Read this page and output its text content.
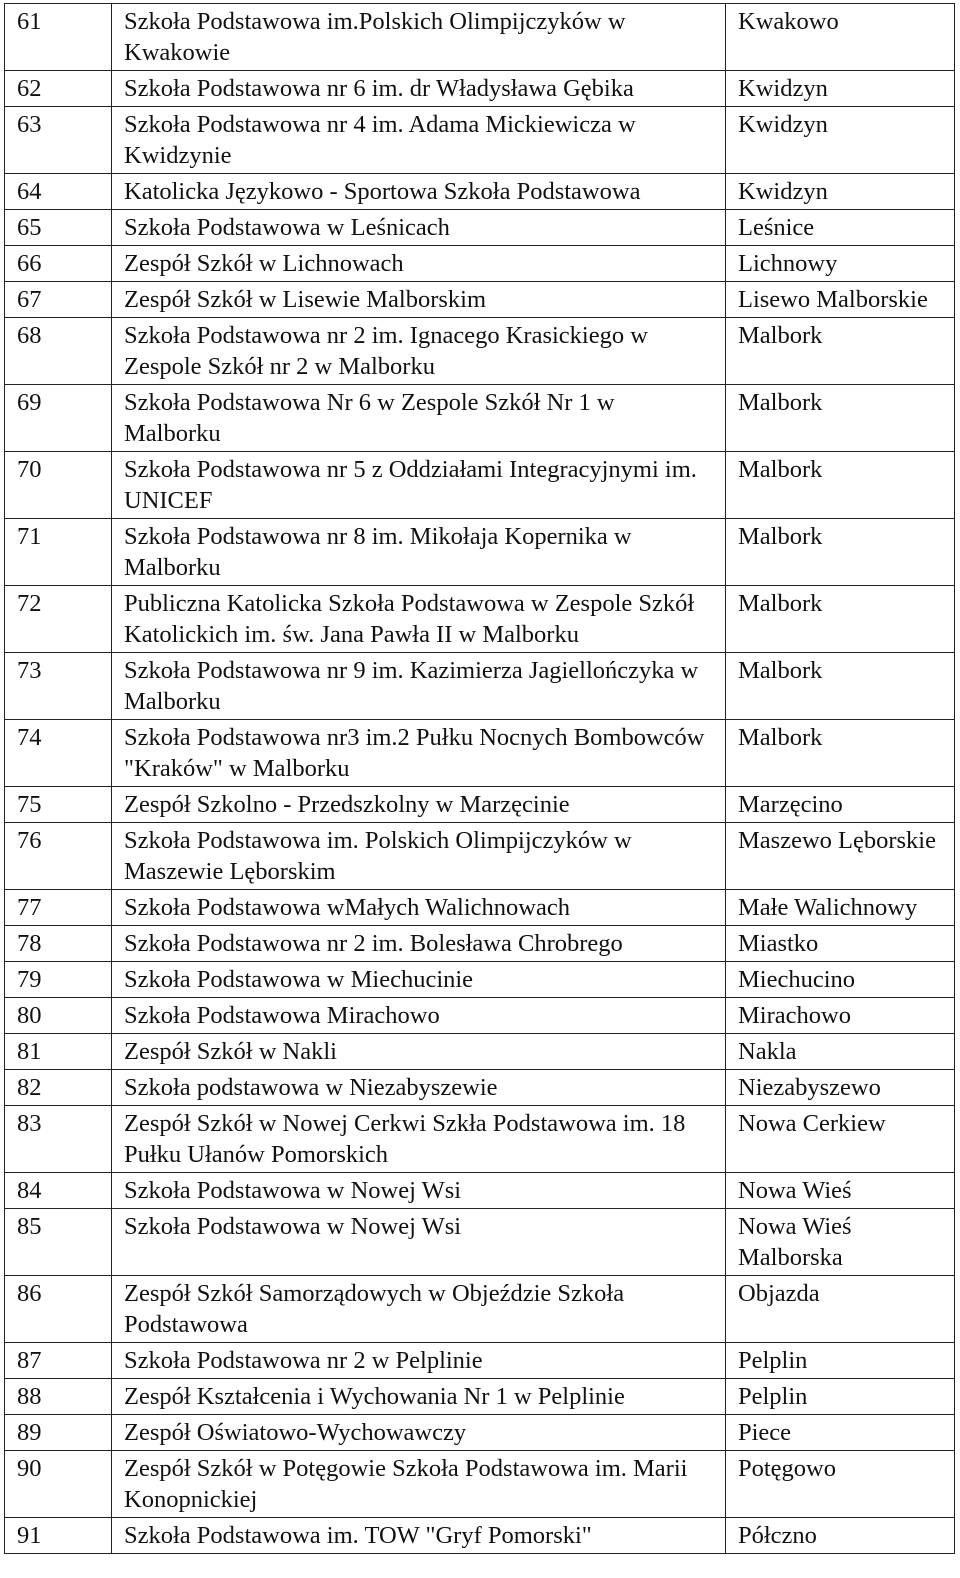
61	Szkoła Podstawowa im.Polskich Olimpijczyków w Kwakowie	Kwakowo
62	Szkoła Podstawowa nr 6 im. dr Władysława Gębika	Kwidzyn
63	Szkoła Podstawowa nr 4 im. Adama Mickiewicza w Kwidzynie	Kwidzyn
64	Katolicka Językowo - Sportowa Szkoła Podstawowa	Kwidzyn
65	Szkoła Podstawowa w Leśnicach	Leśnice
66	Zespół Szkół w Lichnowach	Lichnowy
67	Zespół Szkół w Lisewie Malborskim	Lisewo Malborskie
68	Szkoła Podstawowa nr 2 im. Ignacego Krasickiego w Zespole Szkół nr 2 w Malborku	Malbork
69	Szkoła Podstawowa Nr 6 w Zespole Szkół Nr 1 w Malborku	Malbork
70	Szkoła Podstawowa nr 5 z Oddziałami Integracyjnymi im. UNICEF	Malbork
71	Szkoła Podstawowa nr 8 im. Mikołaja Kopernika w Malborku	Malbork
72	Publiczna Katolicka Szkoła Podstawowa w Zespole Szkół Katolickich im. św. Jana Pawła II w Malborku	Malbork
73	Szkoła Podstawowa nr 9 im. Kazimierza Jagiellończyka w Malborku	Malbork
74	Szkoła Podstawowa nr3 im.2 Pułku Nocnych Bombowców "Kraków" w Malborku	Malbork
75	Zespół Szkolno - Przedszkolny w Marzęcinie	Marzęcino
76	Szkoła Podstawowa im. Polskich Olimpijczyków w Maszewie Lęborskim	Maszewo Lęborskie
77	Szkoła Podstawowa wMałych Walichnowach	Małe Walichnowy
78	Szkoła Podstawowa nr 2 im. Bolesława Chrobrego	Miastko
79	Szkoła Podstawowa w Miechucinie	Miechucino
80	Szkoła Podstawowa Mirachowo	Mirachowo
81	Zespół Szkół w Nakli	Nakla
82	Szkoła podstawowa w Niezabyszewie	Niezabyszewo
83	Zespół Szkół w Nowej Cerkwi Szkła Podstawowa im. 18 Pułku Ułanów Pomorskich	Nowa Cerkiew
84	Szkoła Podstawowa w Nowej Wsi	Nowa Wieś
85	Szkoła Podstawowa w Nowej Wsi	Nowa Wieś Malborska
86	Zespół Szkół Samorządowych w Objeździe Szkoła Podstawowa	Objazda
87	Szkoła Podstawowa nr 2 w Pelplinie	Pelplin
88	Zespół Kształcenia i Wychowania Nr 1 w Pelplinie	Pelplin
89	Zespół Oświatowo-Wychowawczy	Piece
90	Zespół Szkół w Potęgowie Szkoła Podstawowa im. Marii Konopnickiej	Potęgowo
91	Szkoła Podstawowa im. TOW "Gryf Pomorski"	Półczno
